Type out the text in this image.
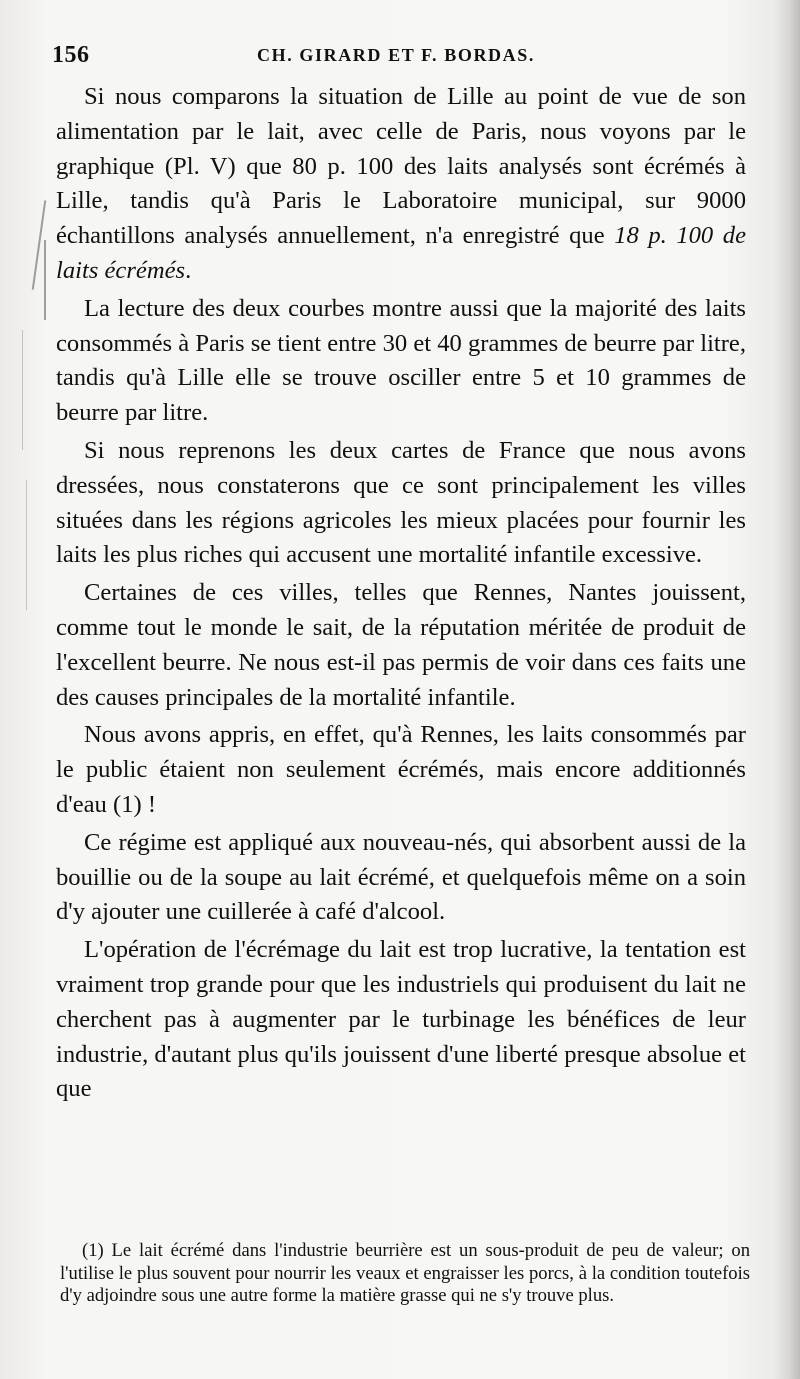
156	CH. GIRARD ET F. BORDAS.

Si nous comparons la situation de Lille au point de vue de son alimentation par le lait, avec celle de Paris, nous voyons par le graphique (Pl. V) que 80 p. 100 des laits analysés sont écrémés à Lille, tandis qu'à Paris le Laboratoire municipal, sur 9000 échantillons analysés annuellement, n'a enregistré que 18 p. 100 de laits écrémés.

La lecture des deux courbes montre aussi que la majorité des laits consommés à Paris se tient entre 30 et 40 grammes de beurre par litre, tandis qu'à Lille elle se trouve osciller entre 5 et 10 grammes de beurre par litre.

Si nous reprenons les deux cartes de France que nous avons dressées, nous constaterons que ce sont principalement les villes situées dans les régions agricoles les mieux placées pour fournir les laits les plus riches qui accusent une mortalité infantile excessive.

Certaines de ces villes, telles que Rennes, Nantes jouissent, comme tout le monde le sait, de la réputation méritée de produit de l'excellent beurre. Ne nous est-il pas permis de voir dans ces faits une des causes principales de la mortalité infantile.

Nous avons appris, en effet, qu'à Rennes, les laits consommés par le public étaient non seulement écrémés, mais encore additionnés d'eau (1) !

Ce régime est appliqué aux nouveau-nés, qui absorbent aussi de la bouillie ou de la soupe au lait écrémé, et quelquefois même on a soin d'y ajouter une cuillerée à café d'alcool.

L'opération de l'écrémage du lait est trop lucrative, la tentation est vraiment trop grande pour que les industriels qui produisent du lait ne cherchent pas à augmenter par le turbinage les bénéfices de leur industrie, d'autant plus qu'ils jouissent d'une liberté presque absolue et que

(1) Le lait écrémé dans l'industrie beurrière est un sous-produit de peu de valeur; on l'utilise le plus souvent pour nourrir les veaux et engraisser les porcs, à la condition toutefois d'y adjoindre sous une autre forme la matière grasse qui ne s'y trouve plus.
